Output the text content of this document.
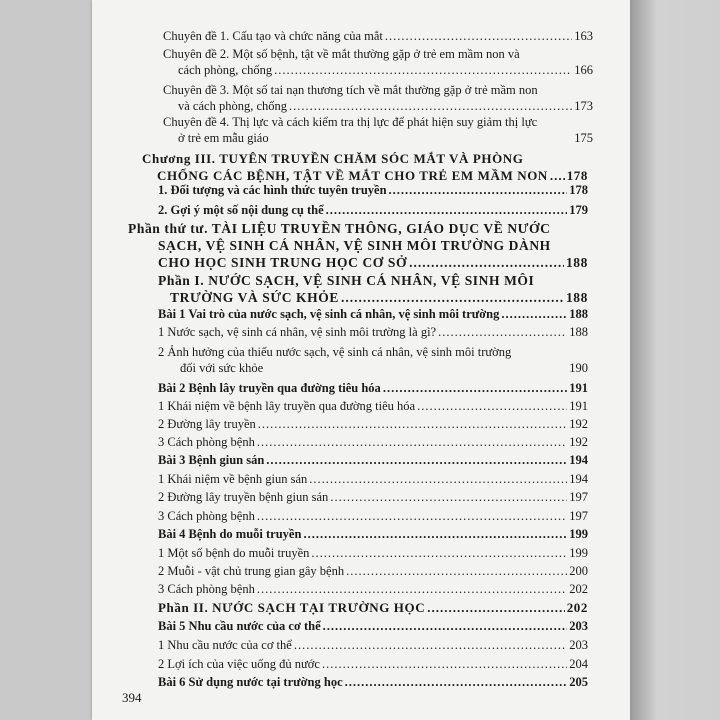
Chuyên đề 1. Cấu tạo và chức năng của mắt .....	163
Chuyên đề 2. Một số bệnh, tật về mắt thường gặp ở trẻ em mầm non và
cách phòng, chống .....	166
Chuyên đề 3. Một số tai nạn thương tích về mắt thường gặp ở trẻ mầm non
và cách phòng, chống .....	173
Chuyên đề 4. Thị lực và cách kiểm tra thị lực để phát hiện suy giảm thị lực
ở trẻ em mẫu giáo	175
Chương III. TUYÊN TRUYỀN CHĂM SÓC MẮT VÀ PHÒNG
CHỐNG CÁC BỆNH, TẬT VỀ MẮT CHO TRẺ EM MẦM NON ..... 178
1. Đối tượng và các hình thức tuyên truyền .....	178
2. Gợi ý một số nội dung cụ thể .....	179
Phần thứ tư. TÀI LIỆU TRUYỀN THÔNG, GIÁO DỤC VỀ NƯỚC
SẠCH, VỆ SINH CÁ NHÂN, VỆ SINH MÔI TRƯỜNG DÀNH
CHO HỌC SINH TRUNG HỌC CƠ SỞ .....	188
Phần I. NƯỚC SẠCH, VỆ SINH CÁ NHÂN, VỆ SINH MÔI
TRƯỜNG VÀ SỨC KHỎE .....	188
Bài 1 Vai trò của nước sạch, vệ sinh cá nhân, vệ sinh môi trường .....	188
1 Nước sạch, vệ sinh cá nhân, vệ sinh môi trường là gì? .....	188
2 Ảnh hưởng của thiếu nước sạch, vệ sinh cá nhân, vệ sinh môi trường
đối với sức khỏe	190
Bài 2 Bệnh lây truyền qua đường tiêu hóa .....	191
1 Khái niệm về bệnh lây truyền qua đường tiêu hóa .....	191
2 Đường lây truyền .....	192
3 Cách phòng bệnh .....	192
Bài 3 Bệnh giun sán .....	194
1 Khái niệm về bệnh giun sán .....	194
2 Đường lây truyền bệnh giun sán .....	197
3 Cách phòng bệnh .....	197
Bài 4 Bệnh do muỗi truyền .....	199
1 Một số bệnh do muỗi truyền .....	199
2 Muỗi - vật chủ trung gian gây bệnh .....	200
3 Cách phòng bệnh .....	202
Phần II. NƯỚC SẠCH TẠI TRƯỜNG HỌC .....	202
Bài 5 Nhu cầu nước của cơ thể .....	203
1 Nhu cầu nước của cơ thể .....	203
2 Lợi ích của việc uống đủ nước .....	204
Bài 6 Sử dụng nước tại trường học .....	205
394
